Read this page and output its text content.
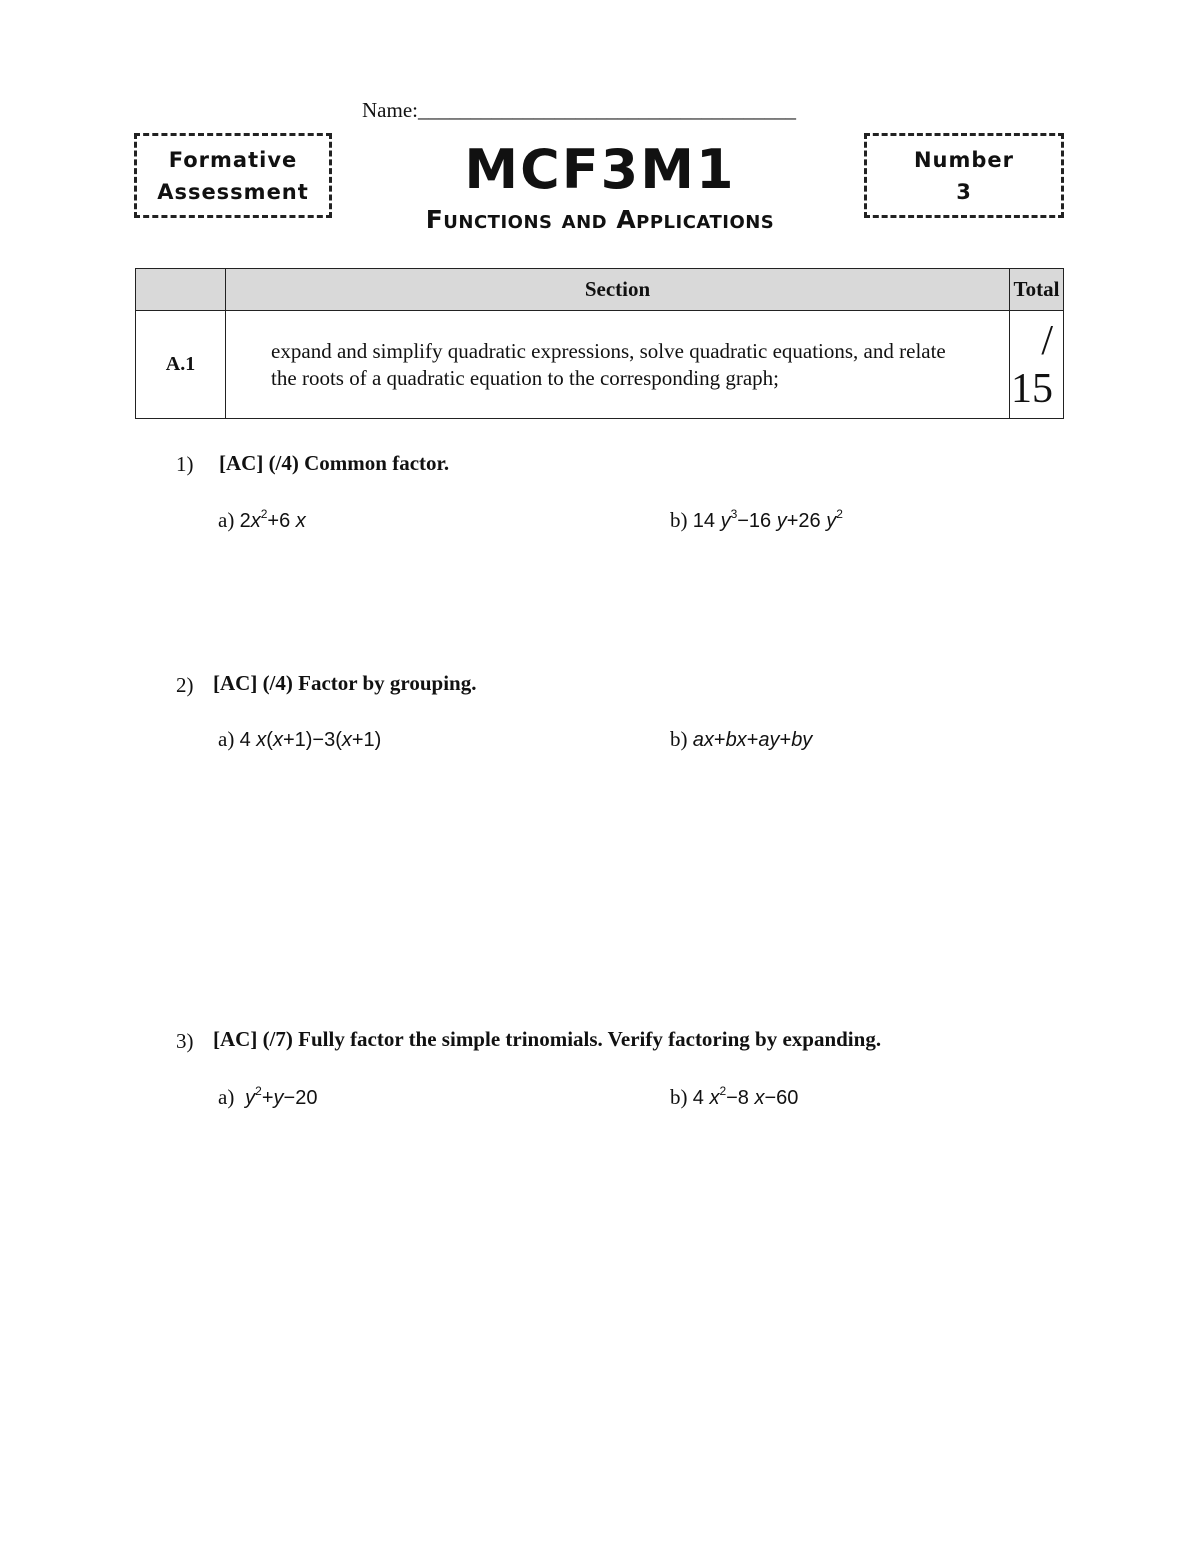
Name:____________________________________
Formative
Assessment	MCF3M1
Functions and Applications
Number
3
	Section	Total
A.1	expand and simplify quadratic expressions, solve quadratic equations, and relate the roots of a quadratic equation to the corresponding graph;	/ 15
1) [AC] (/4) Common factor.
a) $2x^2+6$ x	b) 14 $y^3-16$ y+26 $y^2$
2) [AC] (/4) Factor by grouping.
a) 4 x(x+1)−3(x+1)	b) ax+bx+ay+by
3) [AC] (/7) Fully factor the simple trinomials. Verify factoring by expanding.
a) $y^2+y-20$	b) 4 $x^2-8$ x−60
